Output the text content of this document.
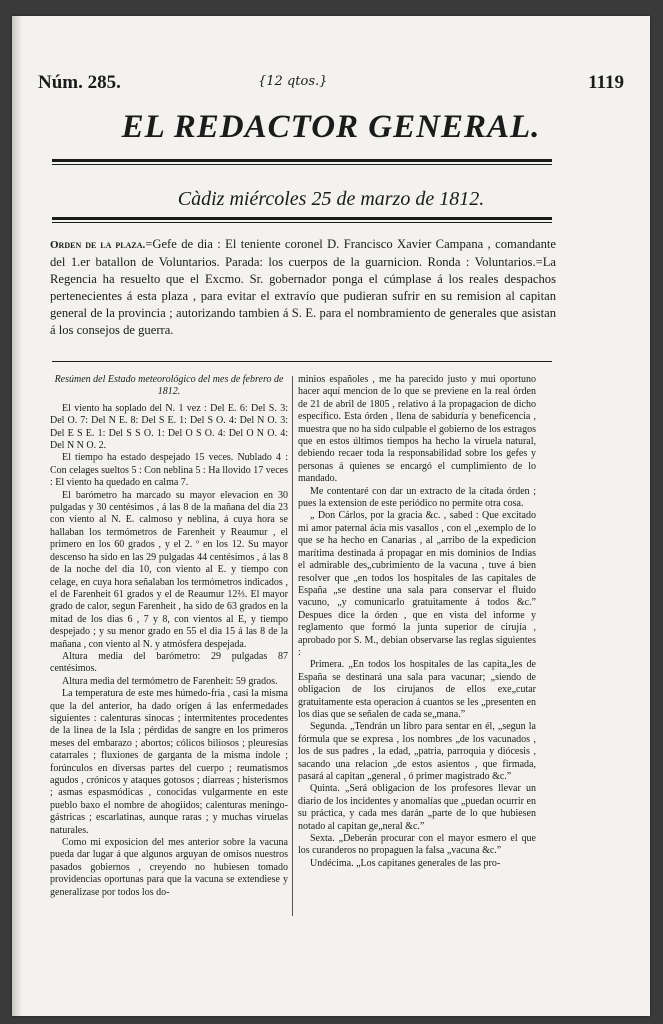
Núm. 285.	{12 qtos.}	1119
EL REDACTOR GENERAL.
Càdiz miércoles 25 de marzo de 1812.
Orden de la plaza.=Gefe de dia : El teniente coronel D. Francisco Xavier Campana , comandante del 1.er batallon de Voluntarios. Parada: los cuerpos de la guarnicion. Ronda : Voluntarios.=La Regencia ha resuelto que el Excmo. Sr. gobernador ponga el cúmplase á los reales despachos pertenecientes á esta plaza , para evitar el extravío que pudieran sufrir en su remision al capitan general de la provincia ; autorizando tambien á S. E. para el nombramiento de generales que asistan á los consejos de guerra.

Resúmen del Estado meteorológico del mes de febrero de 1812.

El viento ha soplado del N. 1 vez : Del E. 6: Del S. 3: Del O. 7: Del N E. 8: Del S E. 1: Del S O. 4: Del N O. 3: Del E S E. 1: Del S S O. 1: Del O S O. 4: Del O N O. 4: Del N N O. 2.

El tiempo ha estado despejado 15 veces. Nublado 4 : Con celages sueltos 5 : Con neblina 5 : Ha llovido 17 veces : El viento ha quedado en calma 7.

El barómetro ha marcado su mayor elevacion en 30 pulgadas y 30 centésimos , á las 8 de la mañana del dia 23 con viento al N. E. calmoso y neblina, á cuya hora se hallaban los termómetros de Farenheit y Reaumur , el primero en los 60 grados , y el 2. º en los 12. Su mayor descenso ha sido en las 29 pulgadas 44 centésimos , á las 8 de la noche del dia 10, con viento al E. y tiempo con celage, en cuya hora señalaban los termómetros indicados , el de Farenheit 61 grados y el de Reaumur 12⅔. El mayor grado de calor, segun Farenheit , ha sido de 63 grados en la mitad de los dias 6 , 7 y 8, con vientos al E, y tiempo despejado ; y su menor grado en 55 el dia 15 á las 8 de la mañana , con viento al N. y atmósfera despejada.

Altura media del barómetro: 29 pulgadas 87 centésimos.

Altura media del termómetro de Farenheit: 59 grados.

La temperatura de este mes húmedo-fria , casi la misma que la del anterior, ha dado orígen á las enfermedades siguientes : calenturas sinocas ; intermitentes procedentes de la linea de la Isla ; pérdidas de sangre en los primeros meses del embarazo ; abortos; cólicos biliosos ; pleuresías catarrales ; fluxiones de garganta de la misma índole ; forúnculos en diversas partes del cuerpo ; reumatismos agudos , crónicos y ataques gotosos ; diarreas ; histerismos ; asmas espasmódicas , conocidas vulgarmente en este pueblo baxo el nombre de ahogiidos; calenturas meningo-gástricas ; escarlatinas, aunque raras ; y muchas viruelas naturales.

Como mi exposicion del mes anterior sobre la vacuna pueda dar lugar á que algunos arguyan de omisos nuestros pasados gobiernos , creyendo no hubiesen tomado providencias oportunas para que la vacuna se extendiese y generalizase por todos los do-

minios españoles , me ha parecido justo y mui oportuno hacer aquí mencion de lo que se previene en la real órden de 21 de abril de 1805 , relativo á la propagacion de dicho específico. Esta órden , llena de sabiduría y beneficencia , muestra que no ha sido culpable el gobierno de los estragos que en estos últimos tiempos ha hecho la viruela natural, debiendo recaer toda la responsabilidad sobre los gefes y personas á quienes se encargó el cumplimiento de lo mandado.

Me contentaré con dar un extracto de la citada órden ; pues la extension de este periódico no permite otra cosa.

„ Don Cárlos, por la gracia &c. , sabed : Que excitado mi amor paternal ácia mis vasallos , con el „exemplo de lo que se ha hecho en Canarias , al „arribo de la expedicion marítima destinada á propagar en mis dominios de Indias el admirable des„cubrimiento de la vacuna , tuve á bien resolver que „en todos los hospitales de las capitales de España „se destine una sala para conservar el fluido vacuno, „y comunicarlo gratuitamente á todos &c.” Despues dice la órden , que en vista del informe y reglamento que formó la junta superior de cirujía , aprobado por S. M., debian observarse las reglas siguientes :

Primera. „En todos los hospitales de las capita„les de España se destinará una sala para vacunar; „siendo de obligacion de los cirujanos de ellos exe„cutar gratuitamente esta operacion á cuantos se les „presenten en los dias que se señalen de cada se„mana.”

Segunda. „Tendrán un libro para sentar en él, „segun la fórmula que se expresa , los nombres „de los vacunados , los de sus padres , la edad, „patria, parroquia y diócesis , sacando una relacion „de estos asientos , que firmada, pasará al capitan „general , ó primer magistrado &c.”

Quinta. „Será obligacion de los profesores llevar un diario de los incidentes y anomalías que „puedan ocurrir en su práctica, y cada mes darán „parte de lo que hubiesen notado al capitan ge„neral &c.”

Sexta. „Deberán procurar con el mayor esmero el que los curanderos no propaguen la falsa „vacuna &c.”

Undécima. „Los capitanes generales de las pro-
